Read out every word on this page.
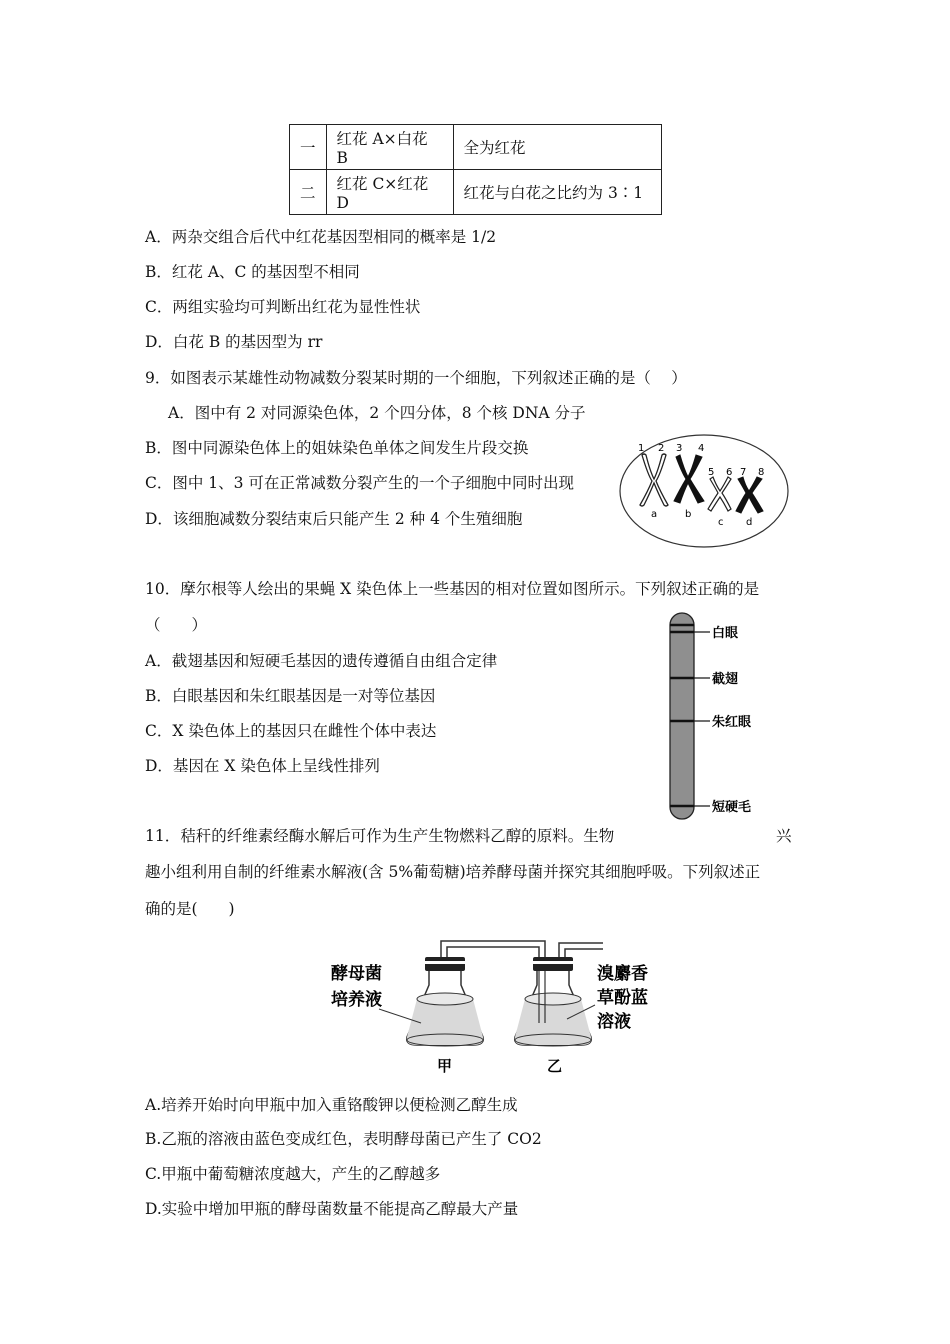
一	红花 A×白花 B	全为红花
二	红花 C×红花 D	红花与白花之比约为 3∶1
A．两杂交组合后代中红花基因型相同的概率是 1/2
B．红花 A、C 的基因型不相同
C．两组实验均可判断出红花为显性性状
D．白花 B 的基因型为 rr
9．如图表示某雄性动物减数分裂某时期的一个细胞，下列叙述正确的是（　 ）
A．图中有 2 对同源染色体，2 个四分体，8 个核 DNA 分子
B．图中同源染色体上的姐妹染色单体之间发生片段交换
C．图中 1、3 可在正常减数分裂产生的一个子细胞中同时出现
D．该细胞减数分裂结束后只能产生 2 种 4 个生殖细胞
1 2 3 4
5 6 7 8
a	b
c d
10．摩尔根等人绘出的果蝇 X 染色体上一些基因的相对位置如图所示。下列叙述正确的是
（　　）
A．截翅基因和短硬毛基因的遗传遵循自由组合定律
B．白眼基因和朱红眼基因是一对等位基因
C．X 染色体上的基因只在雌性个体中表达
D．基因在 X 染色体上呈线性排列
白眼
截翅
朱红眼
短硬毛
11．秸秆的纤维素经酶水解后可作为生产生物燃料乙醇的原料。生物	兴
趣小组利用自制的纤维素水解液(含 5%葡萄糖)培养酵母菌并探究其细胞呼吸。下列叙述正
确的是(　　)
酵母菌
培养液
溴麝香
草酚蓝
溶液
甲	乙
A.培养开始时向甲瓶中加入重铬酸钾以便检测乙醇生成
B.乙瓶的溶液由蓝色变成红色，表明酵母菌已产生了 CO2
C.甲瓶中葡萄糖浓度越大，产生的乙醇越多
D.实验中增加甲瓶的酵母菌数量不能提高乙醇最大产量
